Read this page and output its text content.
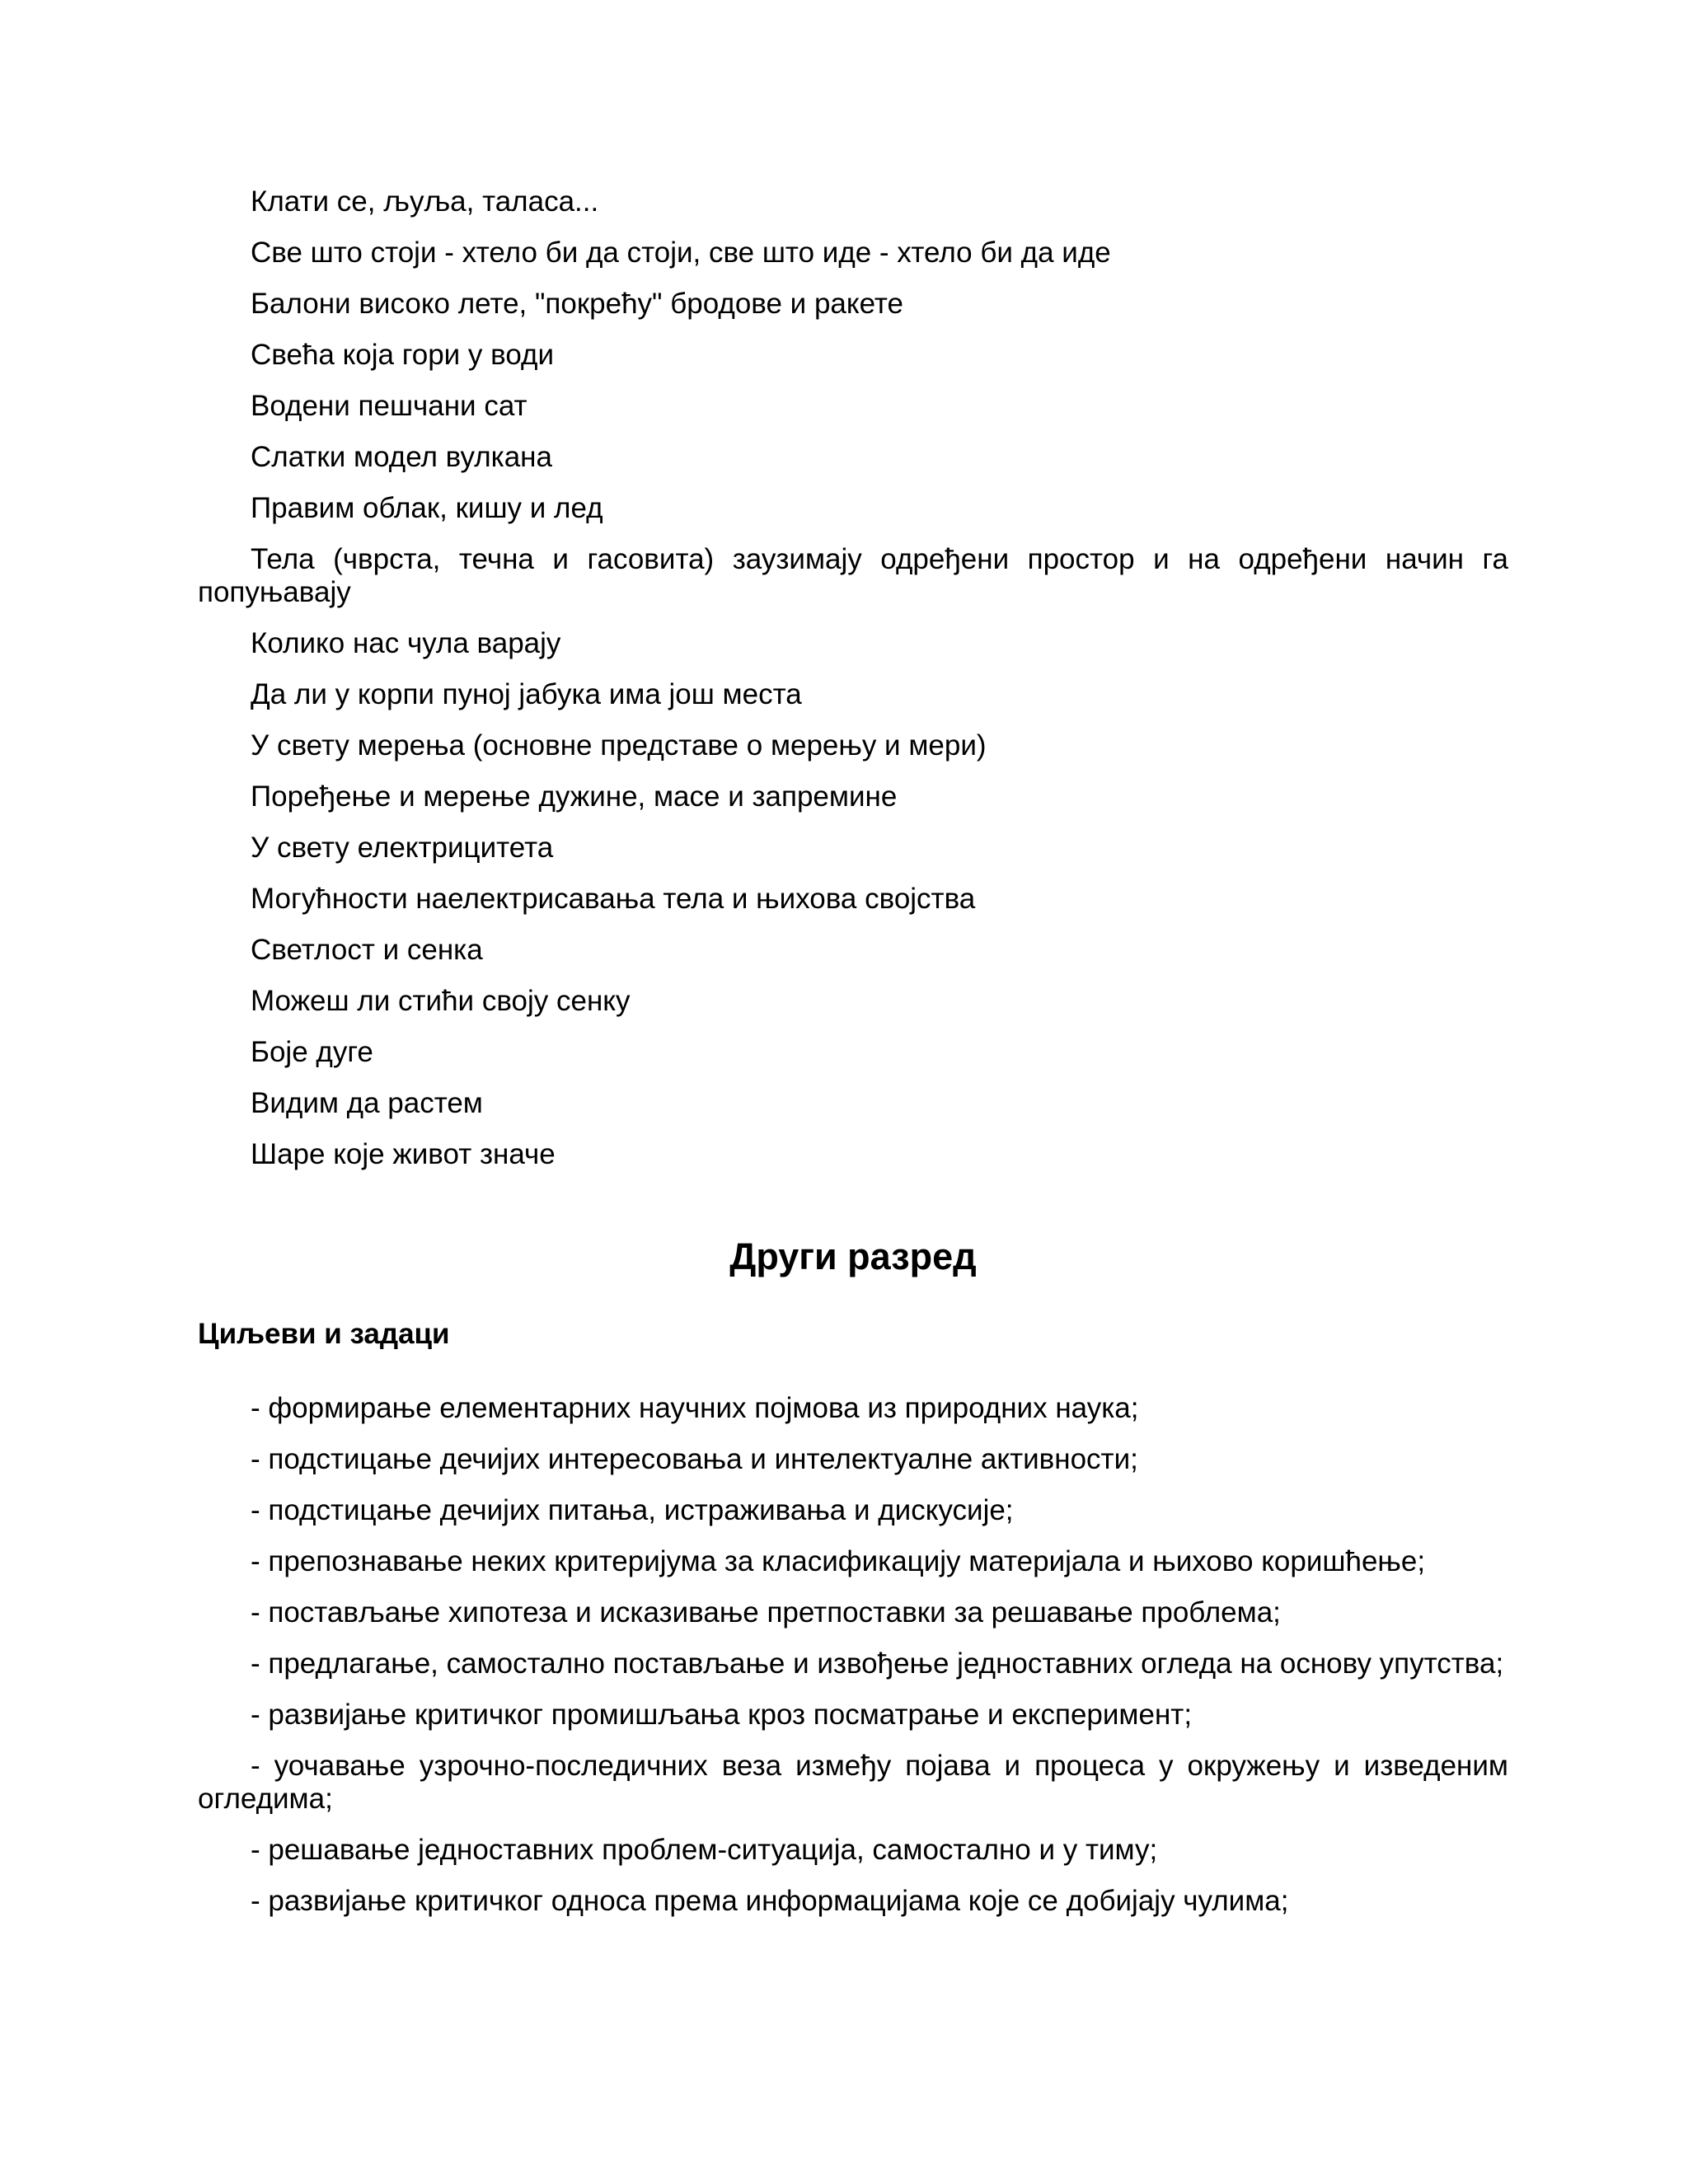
Клати се, љуља, таласа...

Све што стоји - хтело би да стоји, све што иде - хтело би да иде

Балони високо лете, "покрећу" бродове и ракете

Свећа која гори у води

Водени пешчани сат

Слатки модел вулкана

Правим облак, кишу и лед

Тела (чврста, течна и гасовита) заузимају одређени простор и на одређени начин га попуњавају

Колико нас чула варају

Да ли у корпи пуној јабука има још места

У свету мерења (основне представе о мерењу и мери)

Поређење и мерење дужине, масе и запремине

У свету електрицитета

Могућности наелектрисавања тела и њихова својства

Светлост и сенка

Можеш ли стићи своју сенку

Боје дуге

Видим да растем

Шаре које живот значе

Други разред
Циљеви и задаци

- формирање елементарних научних појмова из природних наука;

- подстицање дечијих интересовања и интелектуалне активности;

- подстицање дечијих питања, истраживања и дискусије;

- препознавање неких критеријума за класификацију материјала и њихово коришћење;

- постављање хипотеза и исказивање претпоставки за решавање проблема;

- предлагање, самостално постављање и извођење једноставних огледа на основу упутства;

- развијање критичког промишљања кроз посматрање и експеримент;

- уочавање узрочно-последичних веза између појава и процеса у окружењу и изведеним огледима;

- решавање једноставних проблем-ситуација, самостално и у тиму;

- развијање критичког односа према информацијама које се добијају чулима;
